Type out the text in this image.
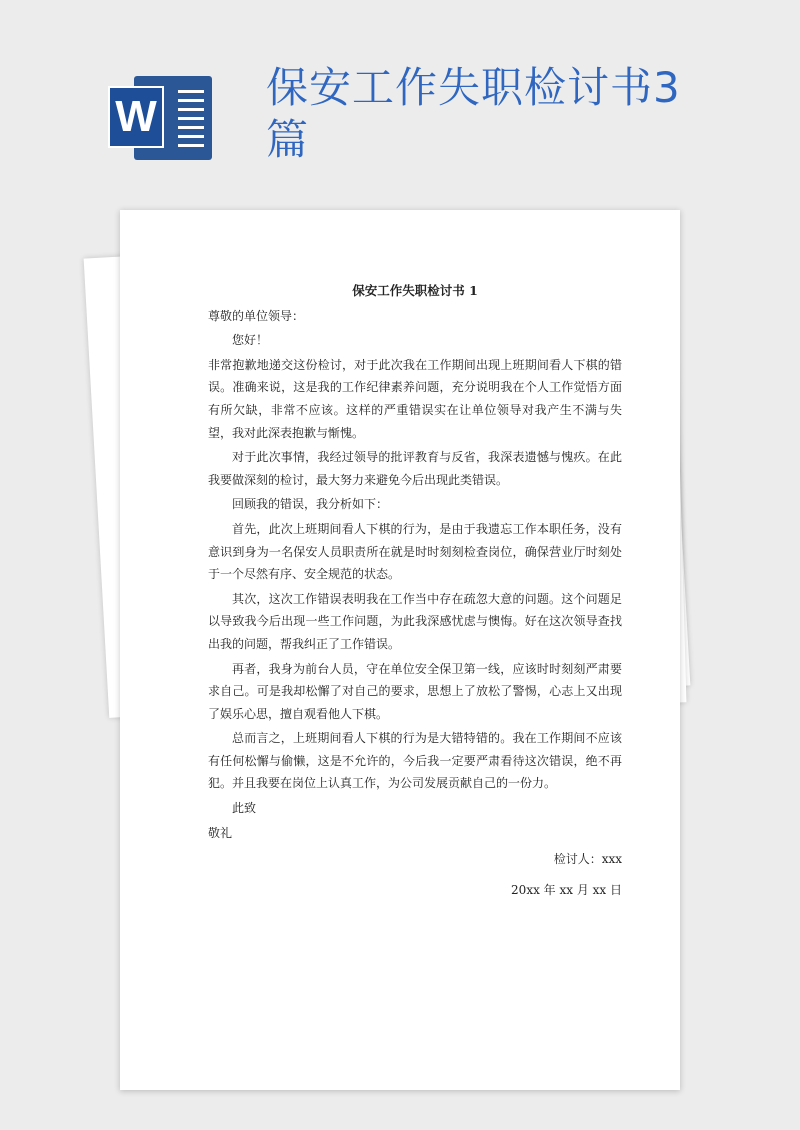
W
保安工作失职检讨书3篇
保安工作失职检讨书 1
尊敬的单位领导：
您好！
非常抱歉地递交这份检讨，对于此次我在工作期间出现上班期间看人下棋的错误。准确来说，这是我的工作纪律素养问题，充分说明我在个人工作觉悟方面有所欠缺，非常不应该。这样的严重错误实在让单位领导对我产生不满与失望，我对此深表抱歉与惭愧。
对于此次事情，我经过领导的批评教育与反省，我深表遗憾与愧疚。在此我要做深刻的检讨，最大努力来避免今后出现此类错误。
回顾我的错误，我分析如下：
首先，此次上班期间看人下棋的行为，是由于我遗忘工作本职任务，没有意识到身为一名保安人员职责所在就是时时刻刻检查岗位，确保营业厅时刻处于一个尽然有序、安全规范的状态。
其次，这次工作错误表明我在工作当中存在疏忽大意的问题。这个问题足以导致我今后出现一些工作问题，为此我深感忧虑与懊悔。好在这次领导查找出我的问题，帮我纠正了工作错误。
再者，我身为前台人员，守在单位安全保卫第一线，应该时时刻刻严肃要求自己。可是我却松懈了对自己的要求，思想上了放松了警惕，心志上又出现了娱乐心思，擅自观看他人下棋。
总而言之，上班期间看人下棋的行为是大错特错的。我在工作期间不应该有任何松懈与偷懒，这是不允许的，今后我一定要严肃看待这次错误，绝不再犯。并且我要在岗位上认真工作，为公司发展贡献自己的一份力。
此致
敬礼
检讨人：xxx
20xx 年 xx 月 xx 日
